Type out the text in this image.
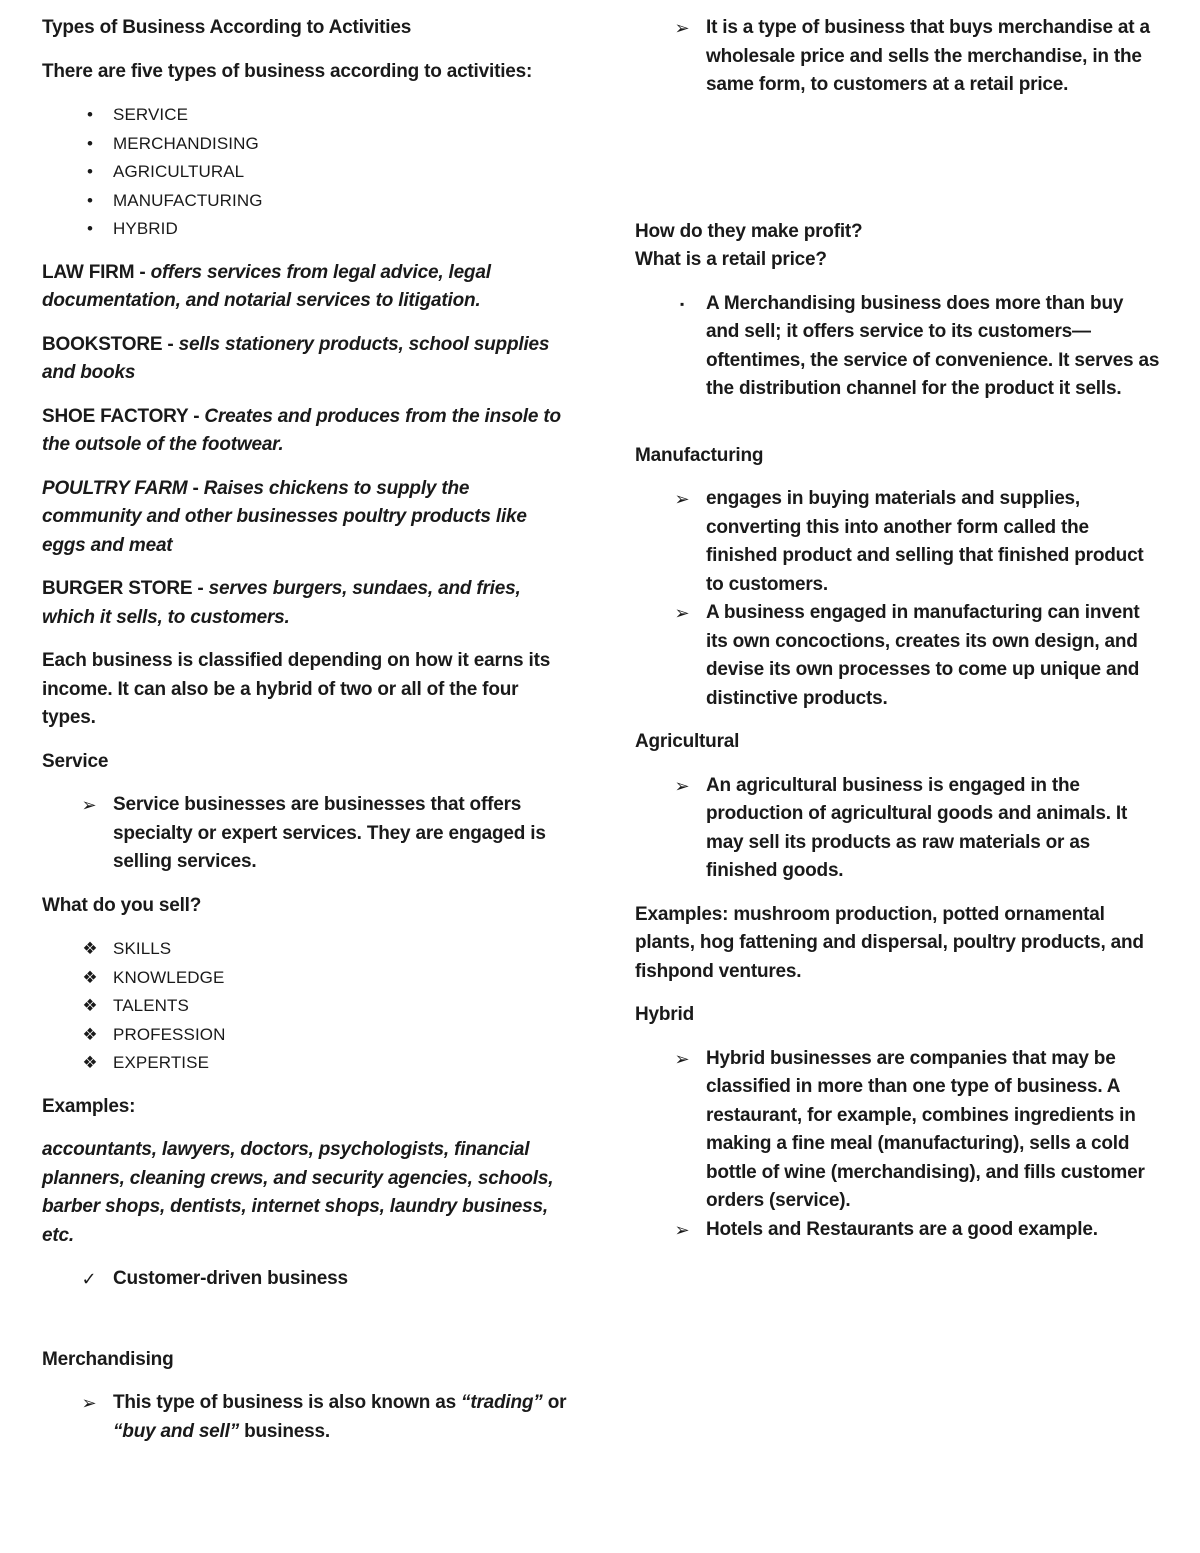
Types of Business According to Activities

There are five types of business according to activities:

•	SERVICE
•	MERCHANDISING
•	AGRICULTURAL
•	MANUFACTURING
•	HYBRID

LAW FIRM - offers services from legal advice, legal documentation, and notarial services to litigation.

BOOKSTORE - sells stationery products, school supplies and books

SHOE FACTORY - Creates and produces from the insole to the outsole of the footwear.

POULTRY FARM - Raises chickens to supply the community and other businesses poultry products like eggs and meat

BURGER STORE - serves burgers, sundaes, and fries, which it sells, to customers.

Each business is classified depending on how it earns its income. It can also be a hybrid of two or all of the four types.

Service

➢ Service businesses are businesses that offers specialty or expert services. They are engaged is selling services.

What do you sell?

❖ SKILLS
❖ KNOWLEDGE
❖ TALENTS
❖ PROFESSION
❖ EXPERTISE

Examples:

accountants, lawyers, doctors, psychologists, financial planners, cleaning crews, and security agencies, schools, barber shops, dentists, internet shops, laundry business, etc.

✓ Customer-driven business

Merchandising

➢ This type of business is also known as “trading” or “buy and sell” business.
➢ It is a type of business that buys merchandise at a wholesale price and sells the merchandise, in the same form, to customers at a retail price.

How do they make profit?

What is a retail price?

▪	A Merchandising business does more than buy and sell; it offers service to its customers—oftentimes, the service of convenience. It serves as the distribution channel for the product it sells.

Manufacturing

➢ engages in buying materials and supplies, converting this into another form called the finished product and selling that finished product to customers.
➢ A business engaged in manufacturing can invent its own concoctions, creates its own design, and devise its own processes to come up unique and distinctive products.

Agricultural

➢ An agricultural business is engaged in the production of agricultural goods and animals. It may sell its products as raw materials or as finished goods.

Examples: mushroom production, potted ornamental plants, hog fattening and dispersal, poultry products, and fishpond ventures.

Hybrid

➢ Hybrid businesses are companies that may be classified in more than one type of business. A restaurant, for example, combines ingredients in making a fine meal (manufacturing), sells a cold bottle of wine (merchandising), and fills customer orders (service).
➢ Hotels and Restaurants are a good example.
